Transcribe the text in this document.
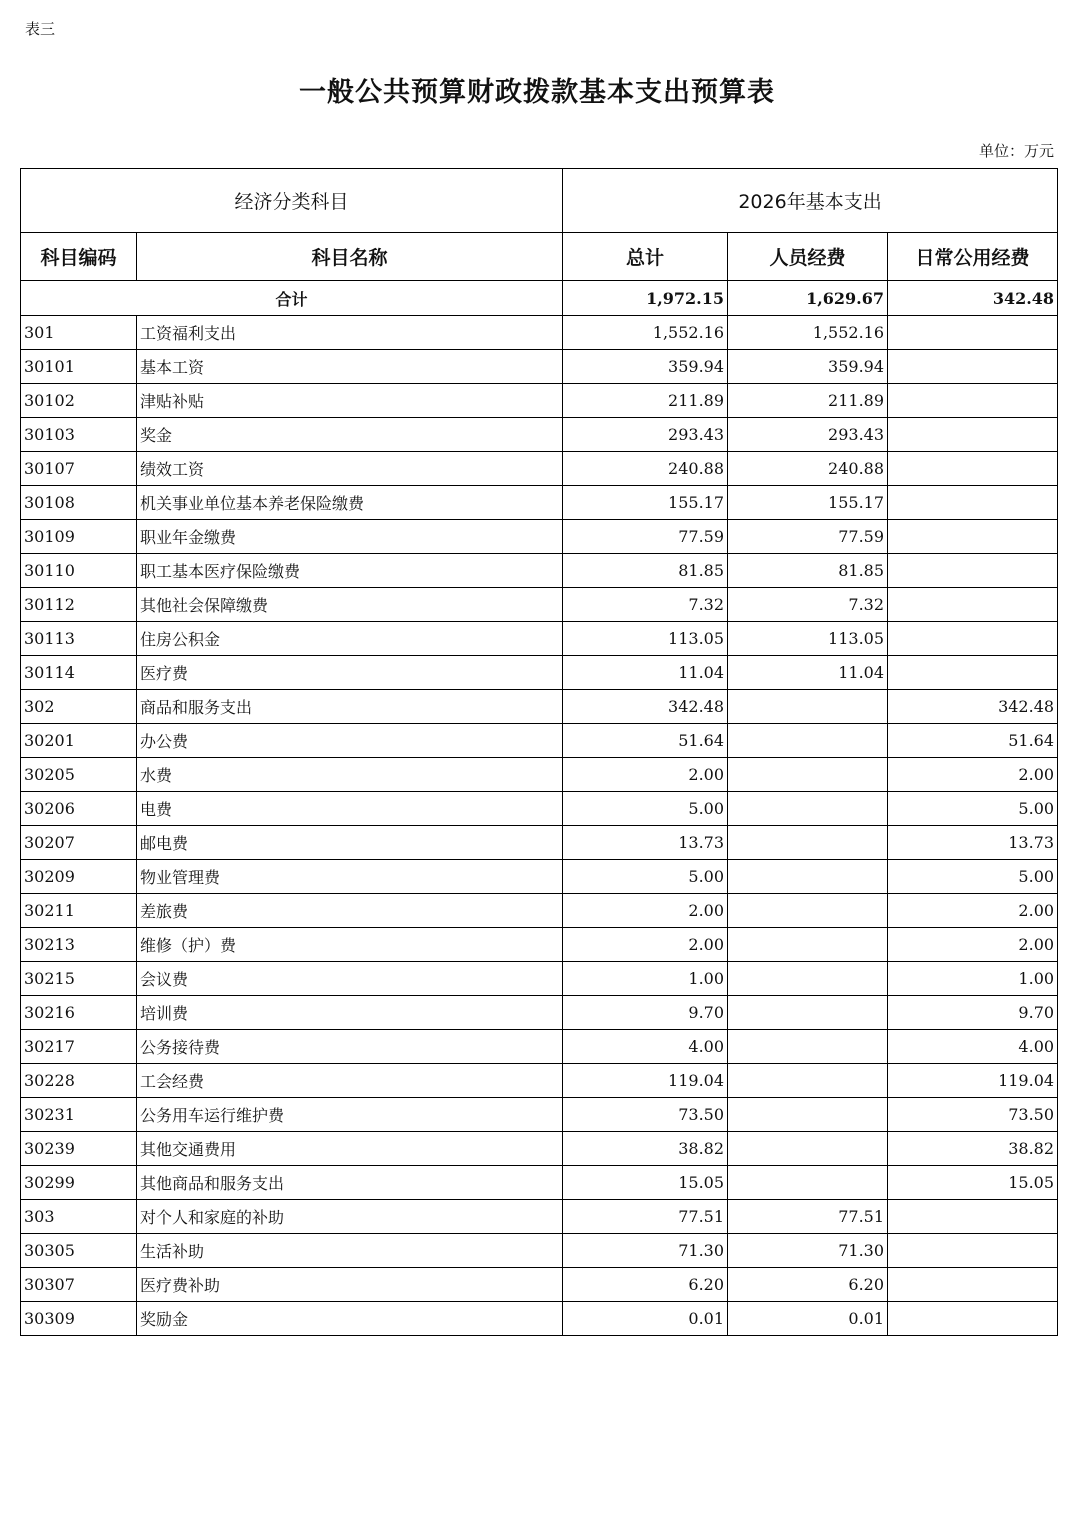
表三
一般公共预算财政拨款基本支出预算表
单位：万元
经济分类科目		2026年基本支出		
科目编码	科目名称	总计	人员经费	日常公用经费
合计		1,972.15	1,629.67	342.48
301	工资福利支出	1,552.16	1,552.16	
30101	基本工资	359.94	359.94	
30102	津贴补贴	211.89	211.89	
30103	奖金	293.43	293.43	
30107	绩效工资	240.88	240.88	
30108	机关事业单位基本养老保险缴费	155.17	155.17	
30109	职业年金缴费	77.59	77.59	
30110	职工基本医疗保险缴费	81.85	81.85	
30112	其他社会保障缴费	7.32	7.32	
30113	住房公积金	113.05	113.05	
30114	医疗费	11.04	11.04	
302	商品和服务支出	342.48		342.48
30201	办公费	51.64		51.64
30205	水费	2.00		2.00
30206	电费	5.00		5.00
30207	邮电费	13.73		13.73
30209	物业管理费	5.00		5.00
30211	差旅费	2.00		2.00
30213	维修（护）费	2.00		2.00
30215	会议费	1.00		1.00
30216	培训费	9.70		9.70
30217	公务接待费	4.00		4.00
30228	工会经费	119.04		119.04
30231	公务用车运行维护费	73.50		73.50
30239	其他交通费用	38.82		38.82
30299	其他商品和服务支出	15.05		15.05
303	对个人和家庭的补助	77.51	77.51	
30305	生活补助	71.30	71.30	
30307	医疗费补助	6.20	6.20	
30309	奖励金	0.01	0.01	
